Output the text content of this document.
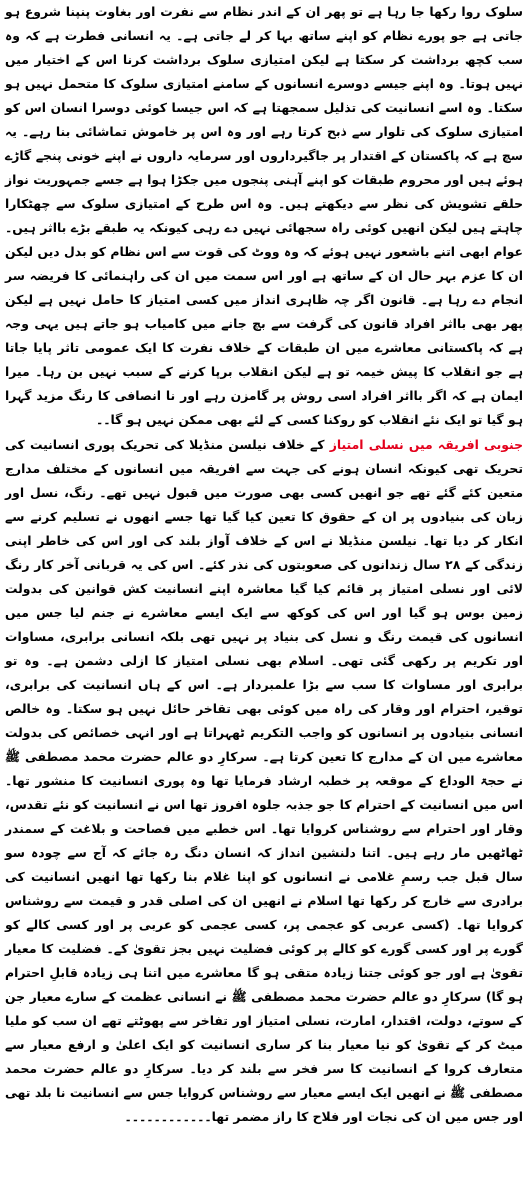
سلوک روا رکھا جا رہا ہے تو پھر ان کے اندر نظام سے نفرت اور بغاوت پنپنا شروع ہو جاتی ہے جو پورے نظام کو اپنے ساتھ بہا کر لے جاتی ہے۔ یہ انسانی فطرت ہے کہ وہ سب کچھ برداشت کر سکتا ہے لیکن امتیازی سلوک برداشت کرنا اس کے اختیار میں نہیں ہوتا۔ وہ اپنے جیسے دوسرے انسانوں کے سامنے امتیازی سلوک کا متحمل نہیں ہو سکتا۔ وہ اسے انسانیت کی تذلیل سمجھتا ہے کہ اس جیسا کوئی دوسرا انسان اس کو امتیازی سلوک کی تلوار سے ذبح کرتا رہے اور وہ اس پر خاموش تماشائی بنا رہے۔ یہ سچ ہے کہ پاکستان کے اقتدار پر جاگیرداروں اور سرمایہ داروں نے اپنے خونی پنجے گاڑے ہوئے ہیں اور محروم طبقات کو اپنے آہنی پنجوں میں جکڑا ہوا ہے جسے جمہوریت نواز حلقے تشویش کی نظر سے دیکھتے ہیں۔ وہ اس طرح کے امتیازی سلوک سے چھٹکارا چاہتے ہیں لیکن انھیں کوئی راہ سجھائی نہیں دے رہی کیونکہ یہ طبقے بڑے بااثر ہیں۔ عوام ابھی اتنے باشعور نہیں ہوئے کہ وہ ووٹ کی قوت سے اس نظام کو بدل دیں لیکن ان کا عزم بہر حال ان کے ساتھ ہے اور اس سمت میں ان کی راہنمائی کا فریضہ سر انجام دے رہا ہے۔ قانون اگر چہ ظاہری انداز میں کسی امتیاز کا حامل نہیں ہے لیکن پھر بھی بااثر افراد قانون کی گرفت سے بچ جانے میں کامیاب ہو جاتے ہیں یہی وجہ ہے کہ پاکستانی معاشرے میں ان طبقات کے خلاف نفرت کا ایک عمومی تاثر پایا جاتا ہے جو انقلاب کا پیش خیمہ تو ہے لیکن انقلاب برپا کرنے کے سبب نہیں بن رہا۔ میرا ایمان ہے کہ اگر بااثر افراد اسی روش پر گامزن رہے اور نا انصافی کا رنگ مزید گہرا ہو گیا تو ایک نئے انقلاب کو روکنا کسی کے لئے بھی ممکن نہیں ہو گا۔۔

جنوبی افریقہ میں نسلی امتیاز کے خلاف نیلسن منڈیلا کی تحریک پوری انسانیت کی تحریک تھی کیونکہ انسان ہونے کی جہت سے افریقہ میں انسانوں کے مختلف مدارج متعین کئے گئے تھے جو انھیں کسی بھی صورت میں قبول نہیں تھے۔ رنگ، نسل اور زبان کی بنیادوں پر ان کے حقوق کا تعین کیا گیا تھا جسے انھوں نے تسلیم کرنے سے انکار کر دیا تھا۔ نیلسن منڈیلا نے اس کے خلاف آواز بلند کی اور اس کی خاطر اپنی زندگی کے ۲۸ سال زندانوں کی صعوبتوں کی نذر کئے۔ اس کی یہ قربانی آخر کار رنگ لائی اور نسلی امتیاز پر قائم کیا گیا معاشرہ اپنے انسانیت کش قوانین کی بدولت زمین بوس ہو گیا اور اس کی کوکھ سے ایک ایسے معاشرے نے جنم لیا جس میں انسانوں کی قیمت رنگ و نسل کی بنیاد پر نہیں تھی بلکہ انسانی برابری، مساوات اور تکریم پر رکھی گئی تھی۔ اسلام بھی نسلی امتیاز کا ازلی دشمن ہے۔ وہ تو برابری اور مساوات کا سب سے بڑا علمبردار ہے۔ اس کے ہاں انسانیت کی برابری، توقیر، احترام اور وقار کی راہ میں کوئی بھی تقاخر حائل نہیں ہو سکتا۔ وہ خالص انسانی بنیادوں پر انسانوں کو واجب التکریم ٹھہراتا ہے اور انہی خصائص کی بدولت معاشرے میں ان کے مدارج کا تعین کرتا ہے۔ سرکارِ دو عالم حضرت محمد مصطفی ﷺ نے حجۃ الوداع کے موقعہ پر خطبہ ارشاد فرمایا تھا وہ پوری انسانیت کا منشور تھا۔ اس میں انسانیت کے احترام کا جو جذبہ جلوہ افروز تھا اس نے انسانیت کو نئے تقدس، وقار اور احترام سے روشناس کروایا تھا۔ اس خطبے میں فصاحت و بلاغت کے سمندر ٹھاٹھیں مار رہے ہیں۔ اتنا دلنشین انداز کہ انسان دنگ رہ جائے کہ آج سے چودہ سو سال قبل جب رسمِ غلامی نے انسانوں کو اپنا غلام بنا رکھا تھا انھیں انسانیت کی برادری سے خارج کر رکھا تھا اسلام نے انھیں ان کی اصلی قدر و قیمت سے روشناس کروایا تھا۔ (کسی عربی کو عجمی پر، کسی عجمی کو عربی پر اور کسی کالے کو گورے پر اور کسی گورے کو کالے پر کوئی فضلیت نہیں بجز تقویٰ کے۔ فضلیت کا معیار تقویٰ ہے اور جو کوئی جتنا زیادہ متقی ہو گا معاشرے میں اتنا ہی زیادہ قابلِ احترام ہو گا) سرکارِ دو عالم حضرت محمد مصطفی ﷺ نے انسانی عظمت کے سارے معیار جن کے سوتے، دولت، اقتدار، امارت، نسلی امتیاز اور تفاخر سے پھوٹتے تھے ان سب کو ملیا میٹ کر کے تقویٰ کو نیا معیار بنا کر ساری انسانیت کو ایک اعلیٰ و ارفع معیار سے متعارف کروا کے انسانیت کا سر فخر سے بلند کر دیا۔ سرکارِ دو عالم حضرت محمد مصطفی ﷺ نے انھیں ایک ایسے معیار سے روشناس کروایا جس سے انسانیت نا بلد تھی اور جس میں ان کی نجات اور فلاح کا راز مضمر تھا۔۔۔۔۔۔۔۔۔۔۔۔
